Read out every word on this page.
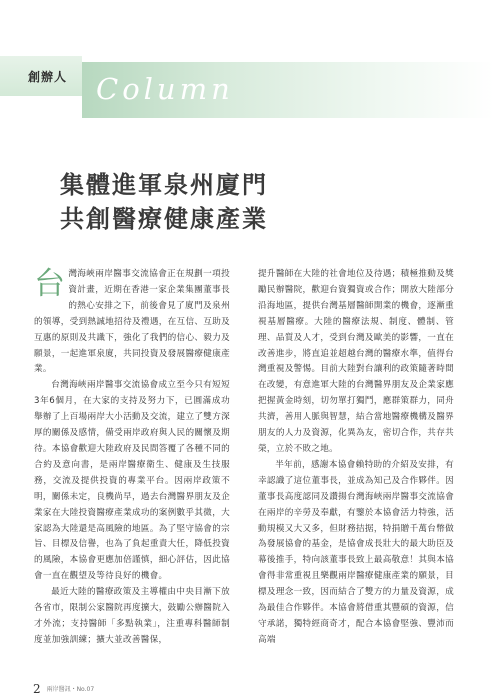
創辦人 Column
集體進軍泉州廈門
共創醫療健康產業

台灣海峽兩岸醫事交流協會正在規劃一項投資計畫，近期在香港一家企業集團董事長的熱心安排之下，前後會見了廈門及泉州的領導，受到熱誠地招待及禮遇，在互信、互助及互惠的原則及共識下，強化了我們的信心、毅力及願景，一起進軍泉廈，共同投資及發展醫療健康產業。

台灣海峽兩岸醫事交流協會成立至今只有短短3年6個月，在大家的支持及努力下，已圓滿成功舉辦了上百場兩岸大小活動及交流，建立了雙方深厚的關係及感情，備受兩岸政府與人民的關懷及期待。本協會歡迎大陸政府及民間答覆了各種不同的合約及意向書，是兩岸醫療衛生、健康及生技服務，交流及提供投資的專業平台。因兩岸政策不明，關係未定，良機尚早，過去台灣醫界朋友及企業家在大陸投資醫療產業成功的案例數乎其微，大家認為大陸還是高風險的地區。為了堅守協會的宗旨、目標及信譽，也為了負起重責大任，降低投資的風險，本協會更應加倍謹慎，細心評估，因此協會一直在觀望及等待良好的機會。

最近大陸的醫療政策及主導權由中央目漸下放各省市，限制公家醫院再度擴大，鼓勵公辦醫院入才外流；支持醫師「多點執業」，注重專科醫師制度並加強訓練；擴大並改善醫保，

提升醫師在大陸的社會地位及待遇；積極推動及獎勵民辦醫院，歡迎台資獨資或合作；開放大陸部分沿海地區，提供台灣基層醫師開業的機會，逐漸重視基層醫療。大陸的醫療法規、制度、體制、管理、品質及人才，受到台灣及歐美的影響，一直在改善進步，將直追並超越台灣的醫療水準，值得台灣重視及警惕。目前大陸對台讓利的政策隨著時間在改變，有意進軍大陸的台灣醫界朋友及企業家應把握黃金時刻，切勿單打獨鬥，應群策群力，同舟共濟，善用人脈與智慧，結合當地醫療機構及醫界朋友的人力及資源，化異為友，密切合作，共存共榮，立於不敗之地。

半年前，感謝本協會賴特助的介紹及安排，有幸認識了這位董事長，並成為知己及合作夥伴。因董事長高度認同及讚揚台灣海峽兩岸醫事交流協會在兩岸的辛勞及奉獻，有鑒於本協會活力特強，活動規模又大又多，但財務拮据，特捐贈千萬台幣做為發展協會的基金，是協會成長壯大的最大助臣及幕後推手，特向該董事長致上最高敬意！其與本協會得非常重視且樂觀兩岸醫療健康產業的願景，目標及理念一致，因而結合了雙方的力量及資源，成為最佳合作夥伴。本協會將借重其豐碩的資源，信守承諾，獨特經商奇才，配合本協會堅強、豐沛而高端

2 兩岸醫訊・No.07
